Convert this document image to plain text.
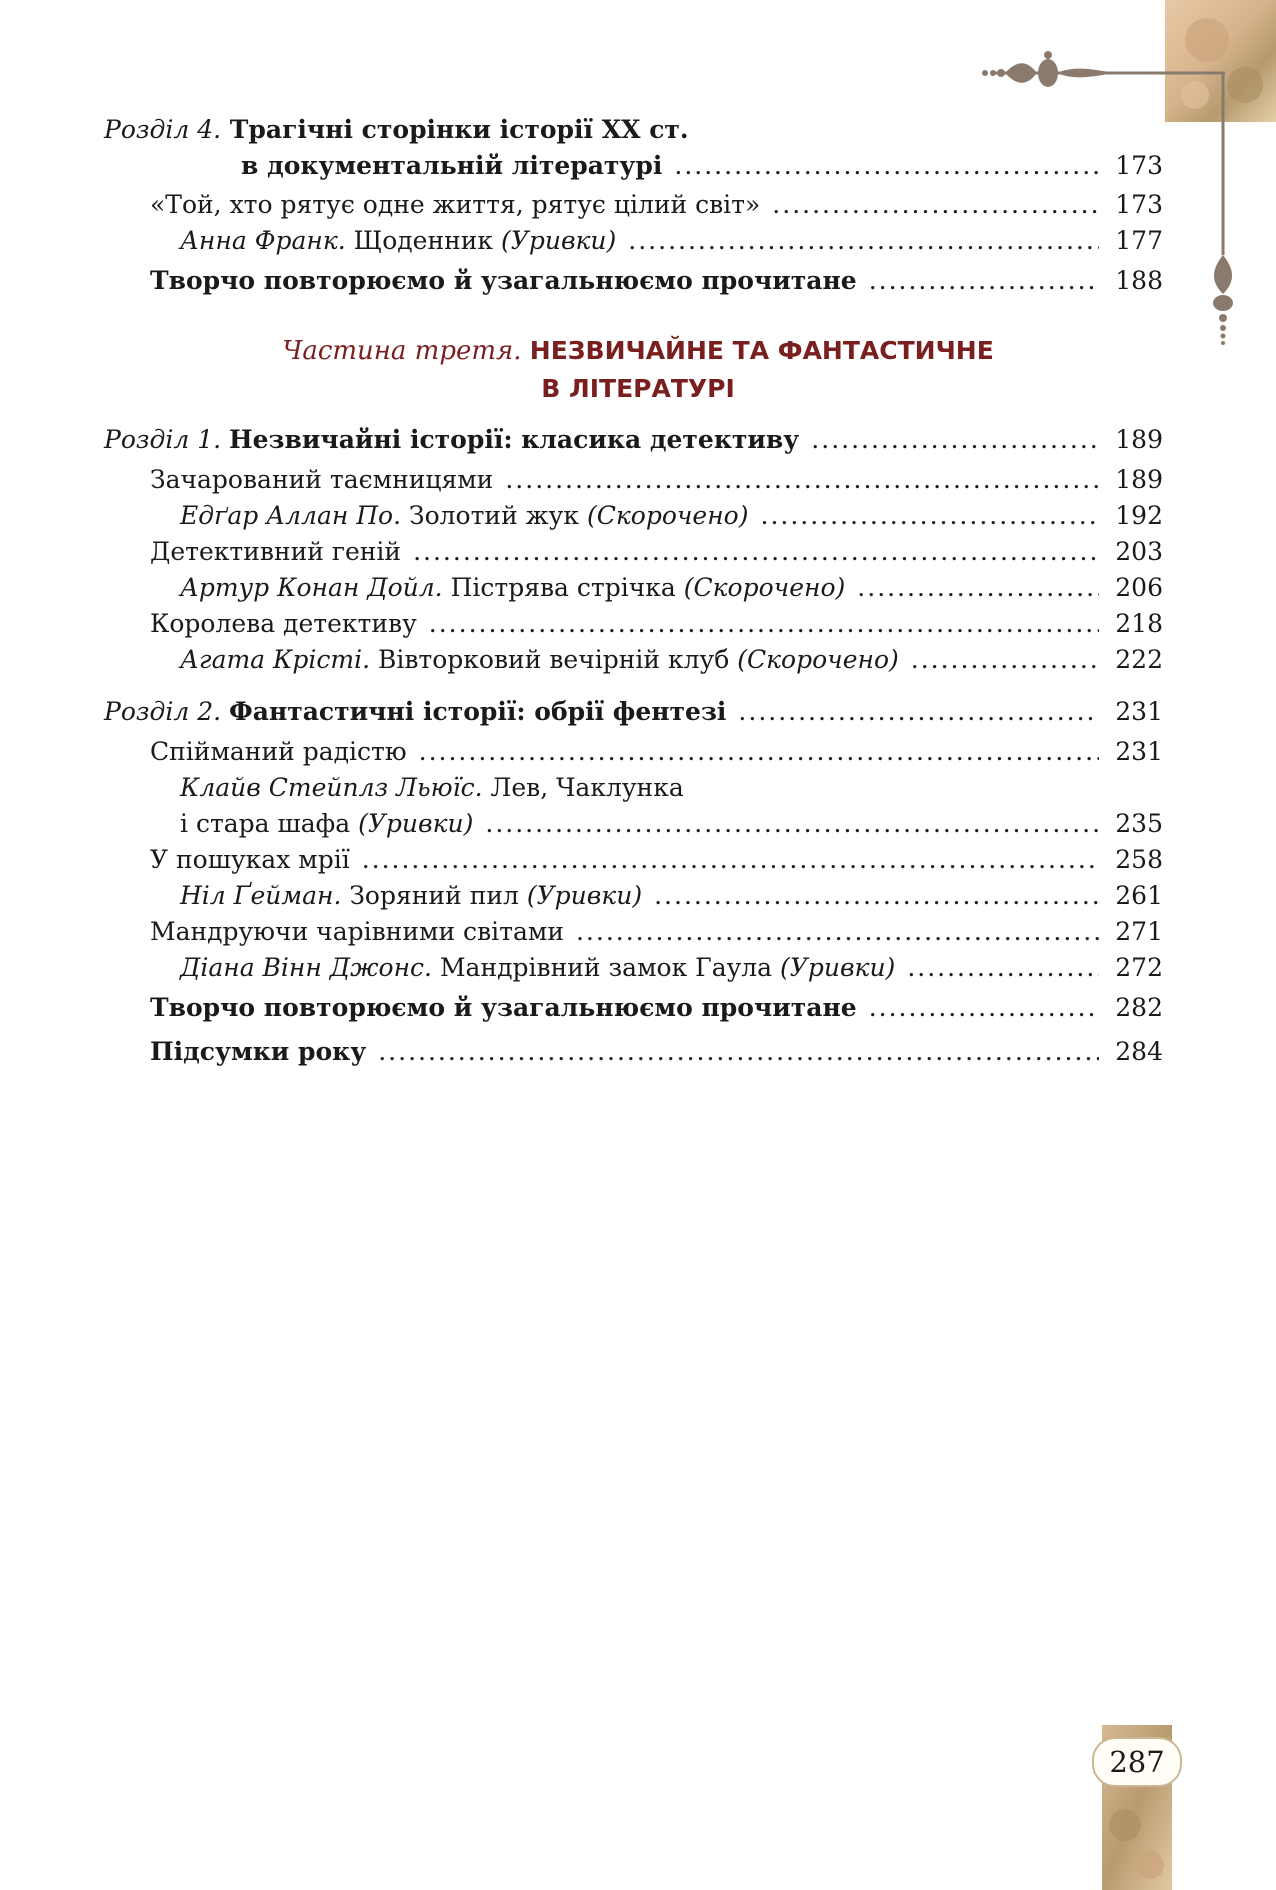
287
Розділ 4. Трагічні сторінки історії ХХ ст.
в документальній літературі .....	173
«Той, хто рятує одне життя, рятує цілий світ» .....	173
Анна Франк. Щоденник (Уривки) .....	177
Творчо повторюємо й узагальнюємо прочитане .....	188
Частина третя. НЕЗВИЧАЙНЕ ТА ФАНТАСТИЧНЕ
В ЛІТЕРАТУРІ
Розділ 1. Незвичайні історії: класика детективу .....	189
Зачарований таємницями .....	189
Едґар Аллан По. Золотий жук (Скорочено) .....	192
Детективний геній .....	203
Артур Конан Дойл. Пістрява стрічка (Скорочено) .....	206
Королева детективу .....	218
Агата Крісті. Вівторковий вечірній клуб (Скорочено) .....	222
Розділ 2. Фантастичні історії: обрії фентезі .....	231
Спійманий радістю .....	231
Клайв Стейплз Льюїс. Лев, Чаклунка
і стара шафа (Уривки) .....	235
У пошуках мрії .....	258
Ніл Ґейман. Зоряний пил (Уривки) .....	261
Мандруючи чарівними світами .....	271
Діана Вінн Джонс. Мандрівний замок Гаула (Уривки) .....	272
Творчо повторюємо й узагальнюємо прочитане .....	282
Підсумки року .....	284
